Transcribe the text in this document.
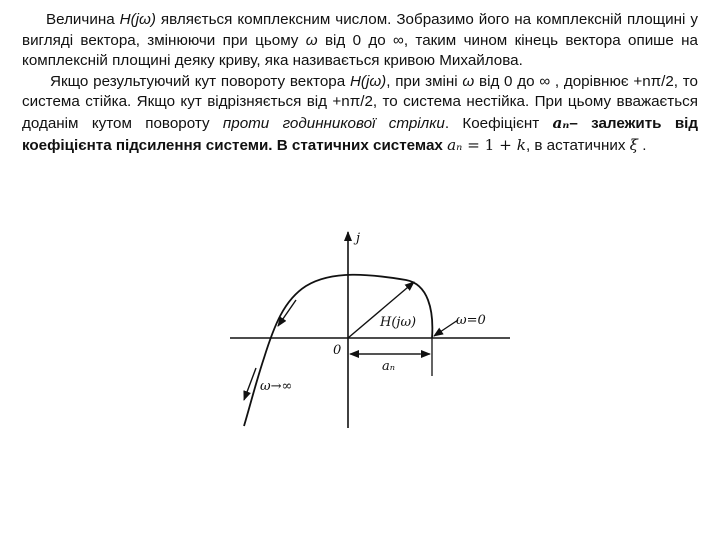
Величина H(jω) являється комплексним числом. Зобразимо його на комплексній площині у вигляді вектора, змінюючи при цьому ω від 0 до ∞, таким чином кінець вектора опише на комплексній площині деяку криву, яка називається кривою Михайлова.

Якщо результуючий кут повороту вектора H(jω), при зміні ω від 0 до ∞ , дорівнює +nπ/2, то система стійка. Якщо кут відрізняється від +nπ/2, то система нестійка. При цьому вважається доданім кутом повороту проти годинникової стрілки. Коефіцієнт aₙ– залежить від коефіцієнта підсилення системи. В статичних системах aₙ = 1 + k, в астатичних ξ .

j
0
H(jω)	ω=0
ω→∞
aₙ
